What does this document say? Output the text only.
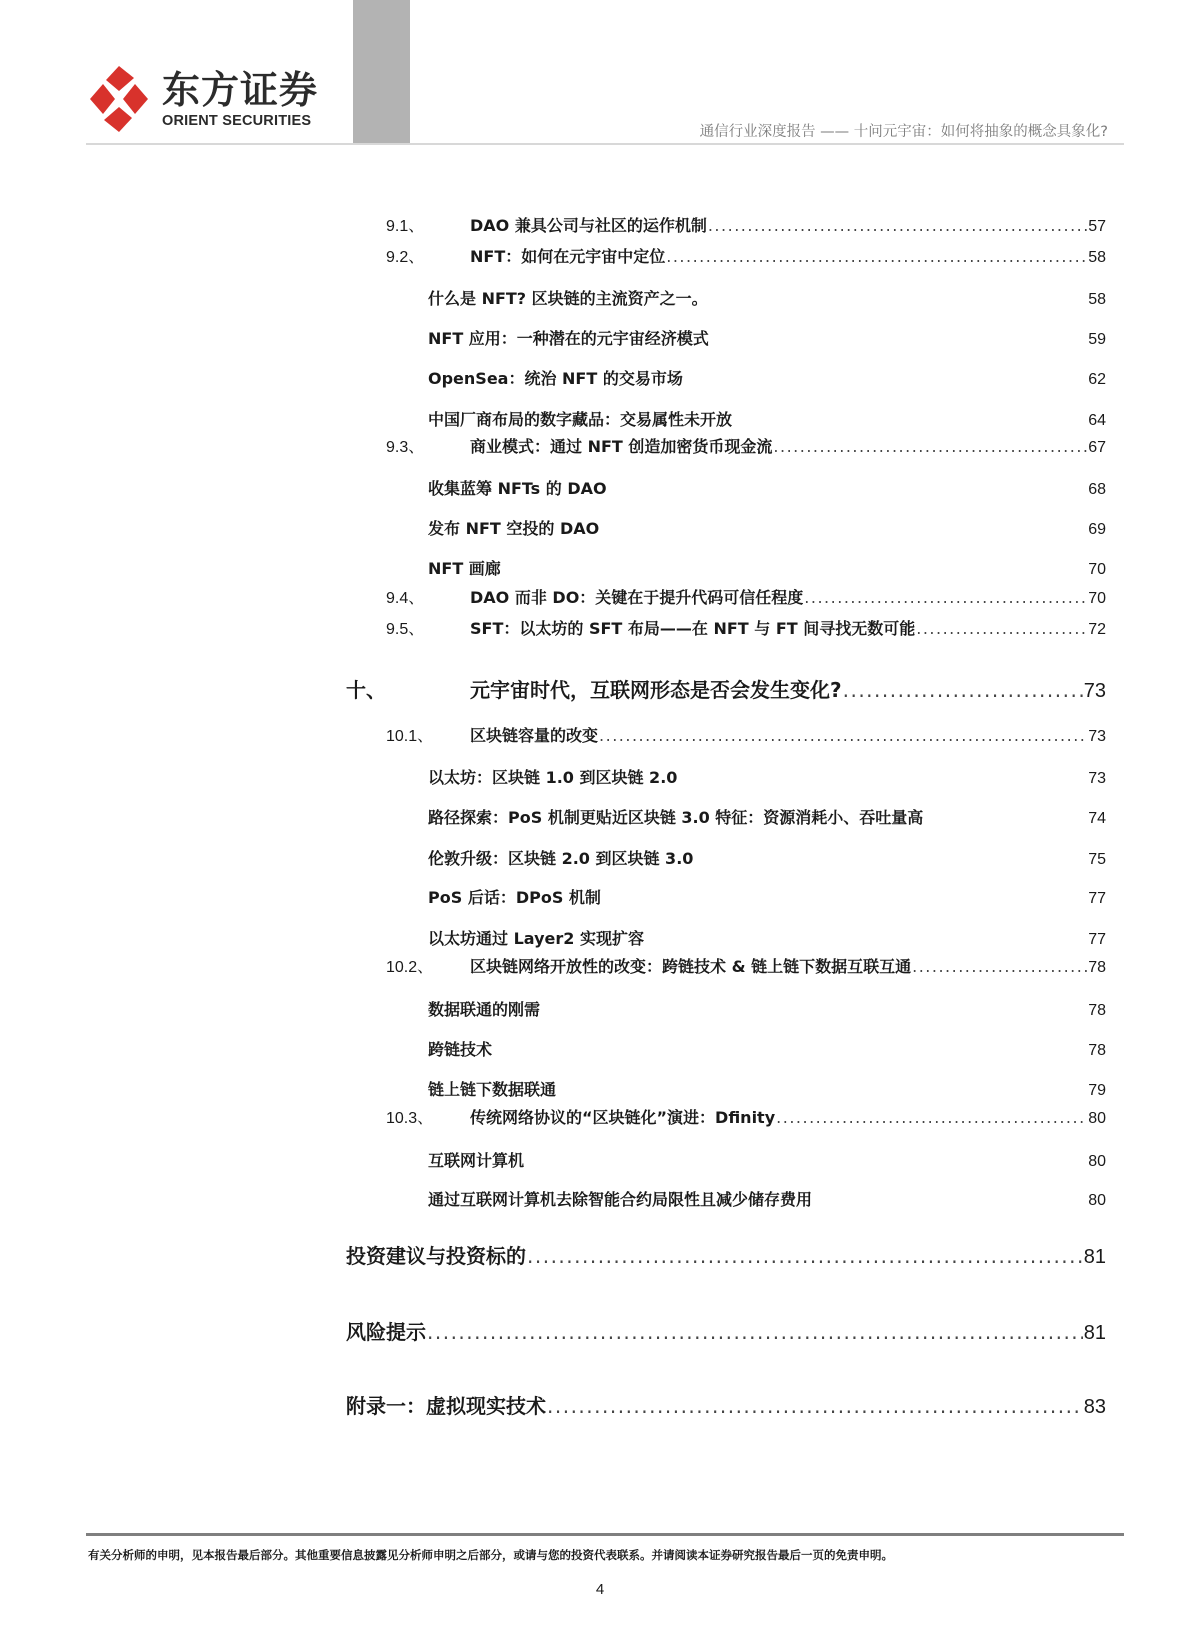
东方证券
ORIENT SECURITIES
通信行业深度报告 —— 十问元宇宙：如何将抽象的概念具象化?
9.1、	DAO 兼具公司与社区的运作机制 .....	57
9.2、	NFT：如何在元宇宙中定位 .....	58
什么是 NFT? 区块链的主流资产之一。	58
NFT 应用：一种潜在的元宇宙经济模式	59
OpenSea：统治 NFT 的交易市场	62
中国厂商布局的数字藏品：交易属性未开放	64
9.3、	商业模式：通过 NFT 创造加密货币现金流 .....	67
收集蓝筹 NFTs 的 DAO	68
发布 NFT 空投的 DAO	69
NFT 画廊	70
9.4、	DAO 而非 DO：关键在于提升代码可信任程度 .....	70
9.5、	SFT：以太坊的 SFT 布局——在 NFT 与 FT 间寻找无数可能 .....	72
十、	元宇宙时代，互联网形态是否会发生变化? .....	73
10.1、	区块链容量的改变 .....	73
以太坊：区块链 1.0 到区块链 2.0	73
路径探索：PoS 机制更贴近区块链 3.0 特征：资源消耗小、吞吐量高	74
伦敦升级：区块链 2.0 到区块链 3.0	75
PoS 后话：DPoS 机制	77
以太坊通过 Layer2 实现扩容	77
10.2、	区块链网络开放性的改变：跨链技术 & 链上链下数据互联互通 .....	78
数据联通的刚需	78
跨链技术	78
链上链下数据联通	79
10.3、	传统网络协议的“区块链化”演进：Dfinity .....	80
互联网计算机	80
通过互联网计算机去除智能合约局限性且减少储存费用	80
投资建议与投资标的 .....	81
风险提示 .....	81
附录一：虚拟现实技术 .....	83
有关分析师的申明，见本报告最后部分。其他重要信息披露见分析师申明之后部分，或请与您的投资代表联系。并请阅读本证券研究报告最后一页的免责申明。
4
